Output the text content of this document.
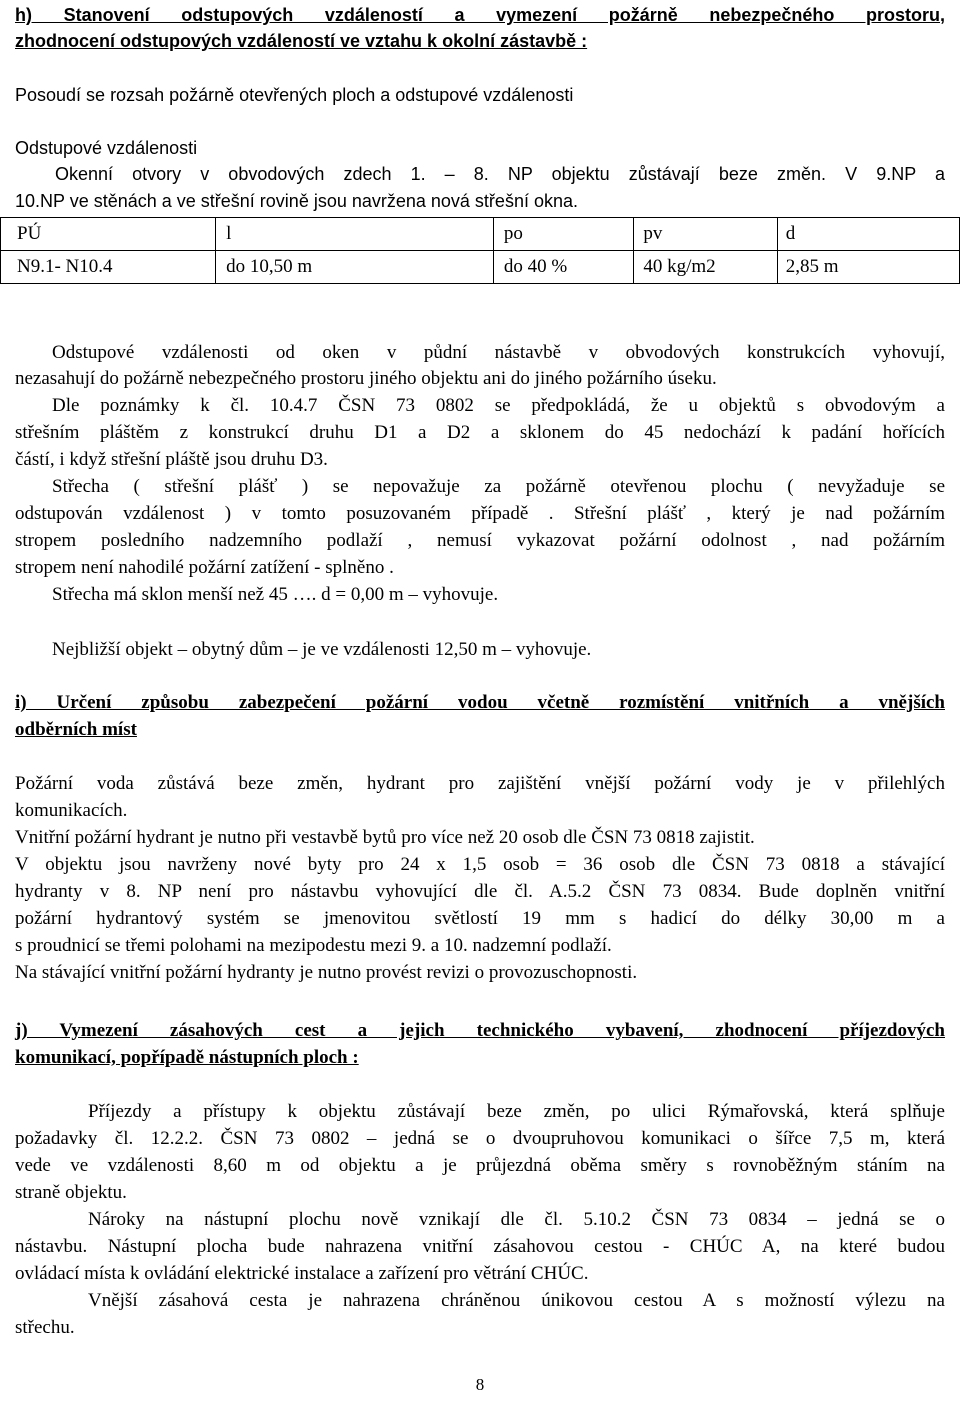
h) Stanovení odstupových vzdáleností a vymezení požárně nebezpečného prostoru,
zhodnocení odstupových vzdáleností ve vztahu k okolní zástavbě :
Posoudí se rozsah požárně otevřených ploch a odstupové vzdálenosti
Odstupové vzdálenosti
Okenní otvory v obvodových zdech 1. – 8. NP objektu zůstávají beze změn. V 9.NP a
10.NP ve stěnách a ve střešní rovině jsou navržena nová střešní okna.
PÚ	l	po	pv	d

N9.1- N10.4	do 10,50 m	do 40 %	40 kg/m2	2,85 m
Odstupové vzdálenosti od oken v půdní nástavbě v obvodových konstrukcích vyhovují,
nezasahují do požárně nebezpečného prostoru jiného objektu ani do jiného požárního úseku.
Dle poznámky k čl. 10.4.7 ČSN 73 0802 se předpokládá, že u objektů s obvodovým a
střešním pláštěm z konstrukcí druhu D1 a D2 a sklonem do 45 nedochází k padání hořících
částí, i když střešní pláště jsou druhu D3.
Střecha ( střešní plášť ) se nepovažuje za požárně otevřenou plochu ( nevyžaduje se
odstupován vzdálenost ) v tomto posuzovaném případě . Střešní plášť , který je nad požárním
stropem posledního nadzemního podlaží , nemusí vykazovat požární odolnost , nad požárním
stropem není nahodilé požární zatížení - splněno .
Střecha má sklon menší než 45 …. d = 0,00 m – vyhovuje.
Nejbližší objekt – obytný dům – je ve vzdálenosti 12,50 m – vyhovuje.
i) Určení způsobu zabezpečení požární vodou včetně rozmístění vnitřních a vnějších
odběrních míst
Požární voda zůstává beze změn, hydrant pro zajištění vnější požární vody je v přilehlých
komunikacích.
Vnitřní požární hydrant je nutno při vestavbě bytů pro více než 20 osob dle ČSN 73 0818 zajistit.
V objektu jsou navrženy nové byty pro 24 x 1,5 osob = 36 osob dle ČSN 73 0818 a stávající
hydranty v 8. NP není pro nástavbu vyhovující dle čl. A.5.2 ČSN 73 0834. Bude doplněn vnitřní
požární hydrantový systém se jmenovitou světlostí 19 mm s hadicí do délky 30,00 m a
s proudnicí se třemi polohami na mezipodestu mezi 9. a 10. nadzemní podlaží.
Na stávající vnitřní požární hydranty je nutno provést revizi o provozuschopnosti.
j) Vymezení zásahových cest a jejich technického vybavení, zhodnocení příjezdových
komunikací, popřípadě nástupních ploch :
Příjezdy a přístupy k objektu zůstávají beze změn, po ulici Rýmařovská, která splňuje
požadavky čl. 12.2.2. ČSN 73 0802 – jedná se o dvoupruhovou komunikaci o šířce 7,5 m, která
vede ve vzdálenosti 8,60 m od objektu a je průjezdná oběma směry s rovnoběžným stáním na
straně objektu.
Nároky na nástupní plochu nově vznikají dle čl. 5.10.2 ČSN 73 0834 – jedná se o
nástavbu. Nástupní plocha bude nahrazena vnitřní zásahovou cestou - CHÚC A, na které budou
ovládací místa k ovládání elektrické instalace a zařízení pro větrání CHÚC.
Vnější zásahová cesta je nahrazena chráněnou únikovou cestou A s možností výlezu na
střechu.
8
